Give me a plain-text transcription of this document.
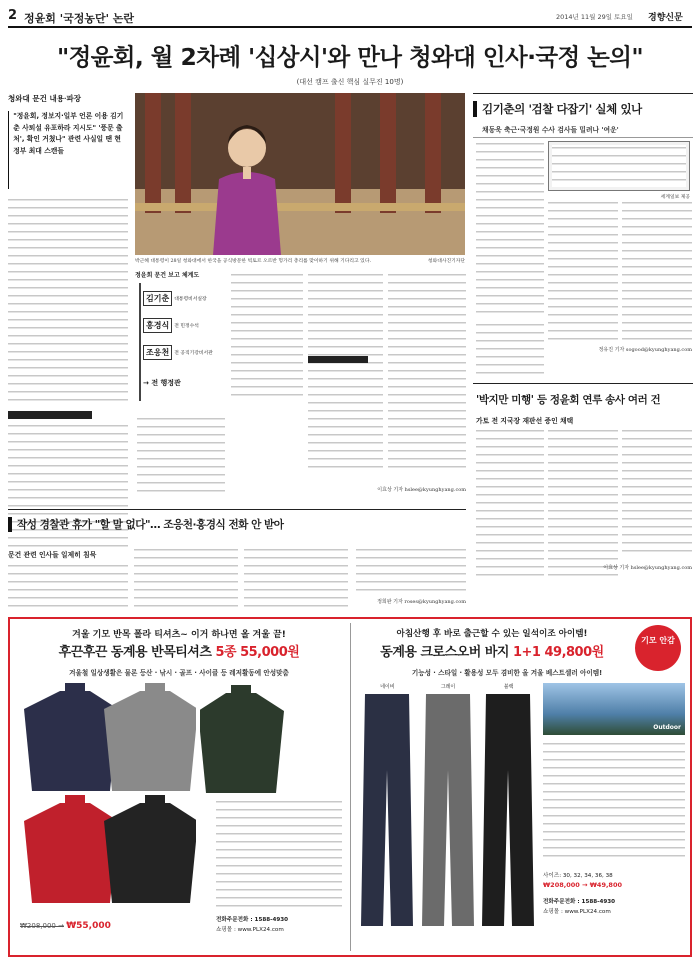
2 정윤회 '국정농단' 논란	2014년 11월 29일 토요일 경향신문
"정윤회, 월 2차례 '십상시'와 만나 청와대 인사·국정 논의"
(대선 캠프 출신 핵심 실무진 10명)
청와대 문건 내용·파장
"정윤회, 정보지·일부 언론 이용 김기춘 사퇴설 유포하라 지시도" '풍문 출처', 확인 거쳤나" 관련 사실일 땐 현 정부 최대 스캔들
박근혜 대통령이 28일 청와대에서 한국을 공식방문한 빅토르 오르반 헝가리 총리를 맞이하기 위해 기다리고 있다.	청와대사진기자단
정윤회 문건 보고 체계도
김기춘	대통령비서실장
홍경식	전 민정수석
조응천	전 공직기강비서관
→ 전 행정관
이효상 기자 hslee@kyunghyang.com
김기춘의 '검찰 다잡기' 실체 있나
채동욱 축근·국정원 수사 검사들 밀려나 '여운'
세계일보 제공
정유진 기자 sogood@kyunghyang.com
'박지만 미행' 등 정윤회 연루 송사 여러 건
가토 전 지국장 재판선 증인 채택
이효상 기자 hslee@kyunghyang.com
작성 경찰관 휴가 "할 말 없다"… 조응천·홍경식 전화 안 받아
문건 관련 인사들 일제히 침묵
정희완 기자 roses@kyunghyang.com
겨울 기모 반목 폴라 티셔츠~ 이거 하나면 올 겨울 끝!
후끈후끈 동계용 반목티셔츠 5종 55,000원
겨울철 일상생활은 물론 등산 · 낚시 · 골프 · 사이클 등 레저활동에 안성맞춤
₩208,000 → ₩55,000
전화주문전화 : 1588-4930
쇼핑몰 : www.PLX24.com
아침산행 후 바로 출근할 수 있는 일석이조 아이템!
동계용 크로스오버 바지 1+1 49,800원
기모 안감
기능성 · 스타일 · 활용성 모두 겸비한 올 겨울 베스트셀러 아이템!
네이비	그레이	블랙
Outdoor
사이즈: 30, 32, 34, 36, 38
₩208,000 → ₩49,800
전화주문전화 : 1588-4930
쇼핑몰 : www.PLX24.com
